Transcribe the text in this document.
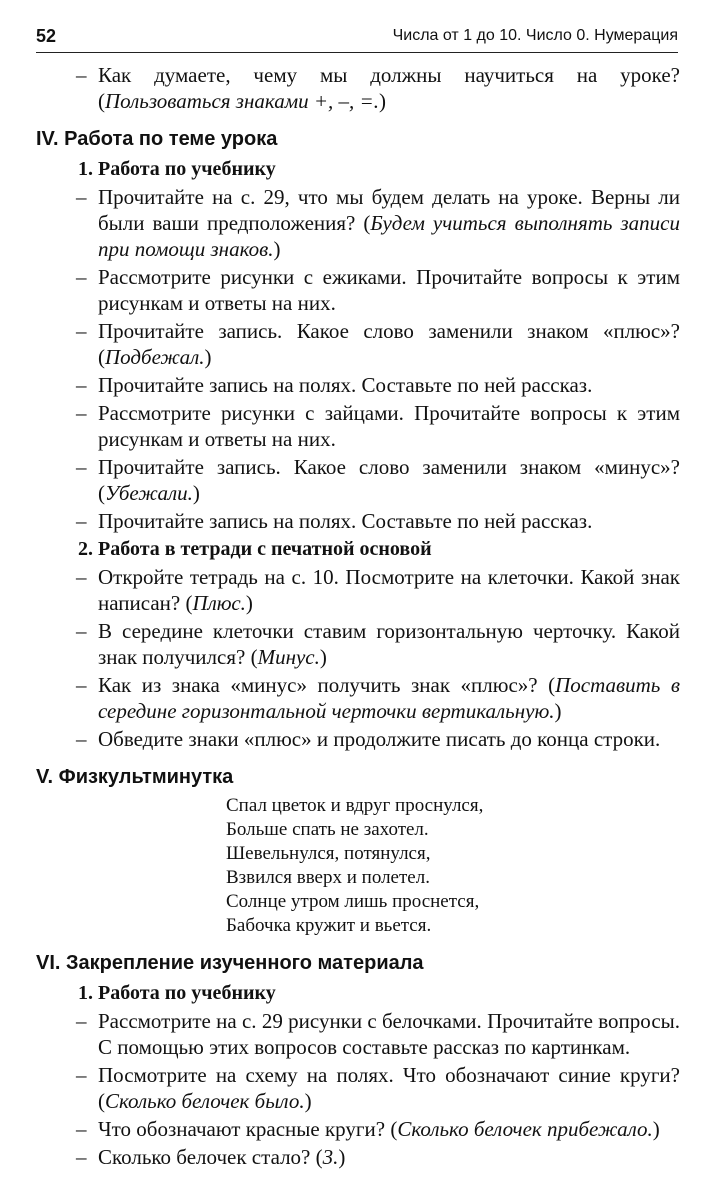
52	Числа от 1 до 10. Число 0. Нумерация
– Как думаете, чему мы должны научиться на уроке? (Пользоваться знаками +, –, =.)
IV. Работа по теме урока
1. Работа по учебнику
– Прочитайте на с. 29, что мы будем делать на уроке. Верны ли были ваши предположения? (Будем учиться выполнять записи при помощи знаков.)
– Рассмотрите рисунки с ежиками. Прочитайте вопросы к этим рисункам и ответы на них.
– Прочитайте запись. Какое слово заменили знаком «плюс»? (Подбежал.)
– Прочитайте запись на полях. Составьте по ней рассказ.
– Рассмотрите рисунки с зайцами. Прочитайте вопросы к этим рисункам и ответы на них.
– Прочитайте запись. Какое слово заменили знаком «минус»? (Убежали.)
– Прочитайте запись на полях. Составьте по ней рассказ.
2. Работа в тетради с печатной основой
– Откройте тетрадь на с. 10. Посмотрите на клеточки. Какой знак написан? (Плюс.)
– В середине клеточки ставим горизонтальную черточку. Какой знак получился? (Минус.)
– Как из знака «минус» получить знак «плюс»? (Поставить в середине горизонтальной черточки вертикальную.)
– Обведите знаки «плюс» и продолжите писать до конца строки.
V. Физкультминутка
Спал цветок и вдруг проснулся,
Больше спать не захотел.
Шевельнулся, потянулся,
Взвился вверх и полетел.
Солнце утром лишь проснется,
Бабочка кружит и вьется.
VI. Закрепление изученного материала
1. Работа по учебнику
– Рассмотрите на с. 29 рисунки с белочками. Прочитайте вопросы. С помощью этих вопросов составьте рассказ по картинкам.
– Посмотрите на схему на полях. Что обозначают синие круги? (Сколько белочек было.)
– Что обозначают красные круги? (Сколько белочек прибежало.)
– Сколько белочек стало? (3.)
